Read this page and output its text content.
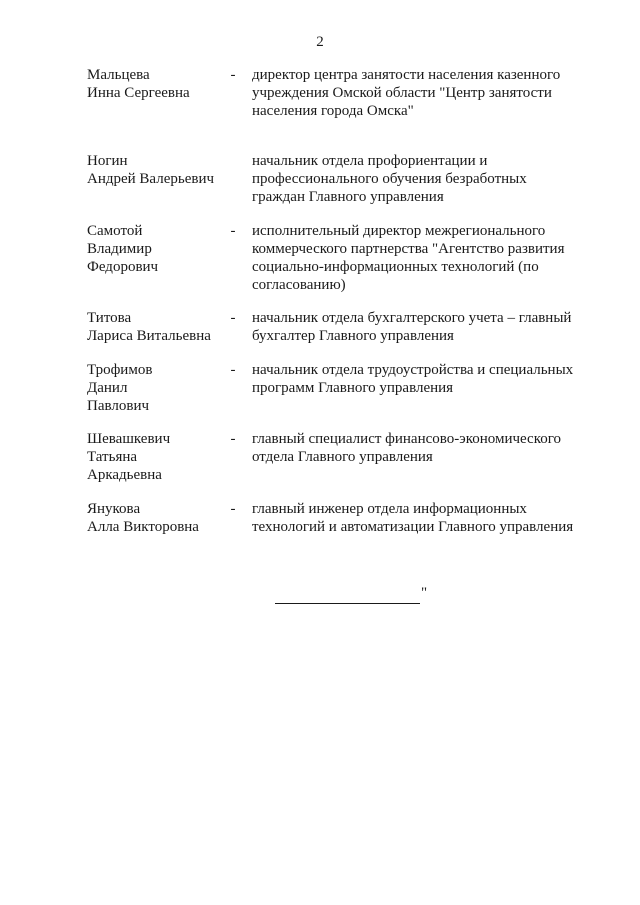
2
Мальцева
Инна Сергеевна
- директор центра занятости населения казенного
учреждения Омской области "Центр занятости
населения города Омска"
Ногин
Андрей Валерьевич
начальник отдела профориентации и
профессионального обучения безработных
граждан Главного управления
Самотой
Владимир
Федорович
- исполнительный директор межрегионального
коммерческого партнерства "Агентство развития
социально-информационных технологий (по
согласованию)
Титова
Лариса Витальевна
- начальник отдела бухгалтерского учета – главный
бухгалтер Главного управления
Трофимов
Данил
Павлович
- начальник отдела трудоустройства и специальных
программ Главного управления
Шевашкевич
Татьяна
Аркадьевна
- главный специалист финансово-экономического
отдела Главного управления
Янукова
Алла Викторовна
- главный инженер отдела информационных
технологий и автоматизации Главного управления
"
